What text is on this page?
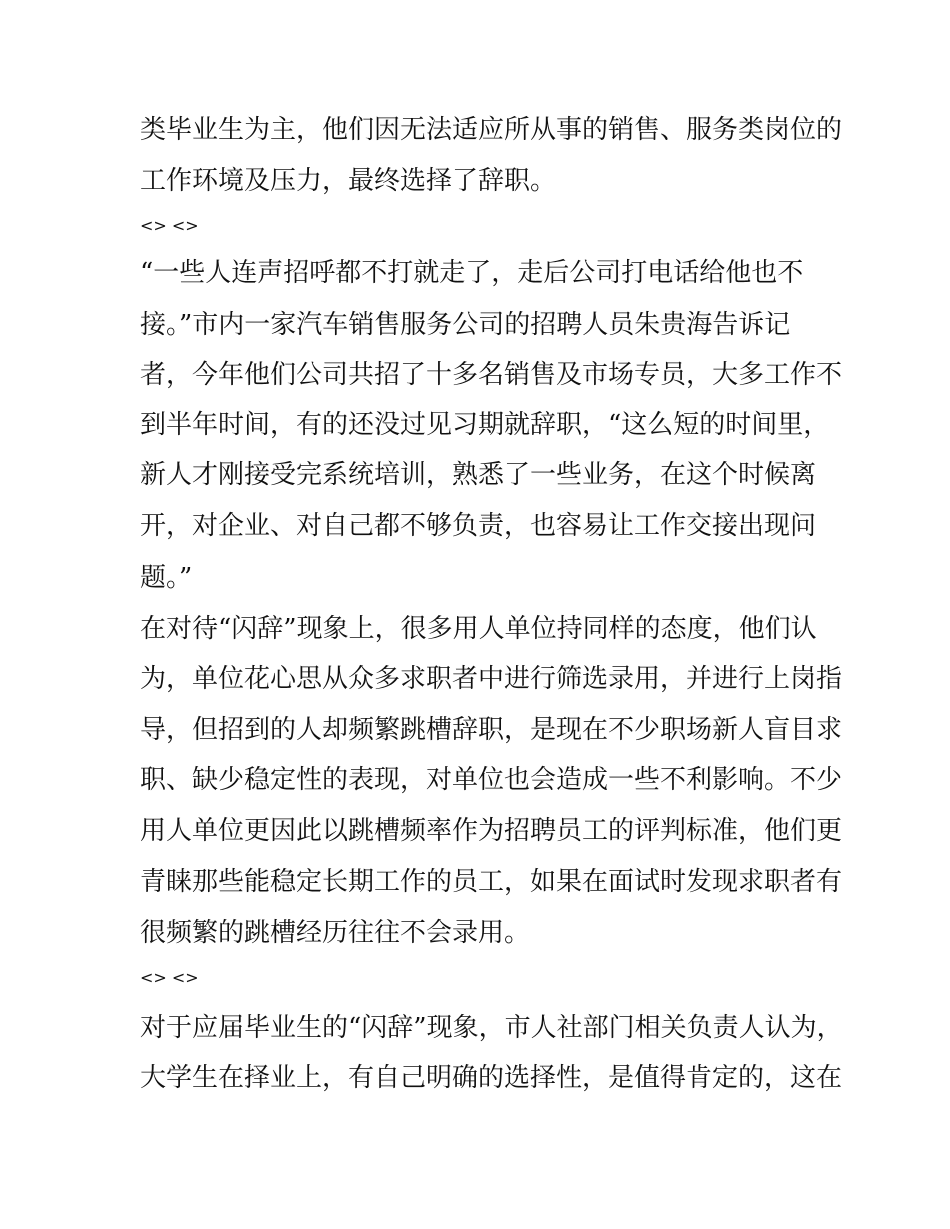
类毕业生为主，他们因无法适应所从事的销售、服务类岗位的
工作环境及压力，最终选择了辞职。
<> <>
“一些人连声招呼都不打就走了，走后公司打电话给他也不
接。”市内一家汽车销售服务公司的招聘人员朱贵海告诉记
者，今年他们公司共招了十多名销售及市场专员，大多工作不
到半年时间，有的还没过见习期就辞职，“这么短的时间里，
新人才刚接受完系统培训，熟悉了一些业务，在这个时候离
开，对企业、对自己都不够负责，也容易让工作交接出现问
题。”
在对待“闪辞”现象上，很多用人单位持同样的态度，他们认
为，单位花心思从众多求职者中进行筛选录用，并进行上岗指
导，但招到的人却频繁跳槽辞职，是现在不少职场新人盲目求
职、缺少稳定性的表现，对单位也会造成一些不利影响。不少
用人单位更因此以跳槽频率作为招聘员工的评判标准，他们更
青睐那些能稳定长期工作的员工，如果在面试时发现求职者有
很频繁的跳槽经历往往不会录用。
<> <>
对于应届毕业生的“闪辞”现象，市人社部门相关负责人认为，
大学生在择业上，有自己明确的选择性，是值得肯定的，这在
